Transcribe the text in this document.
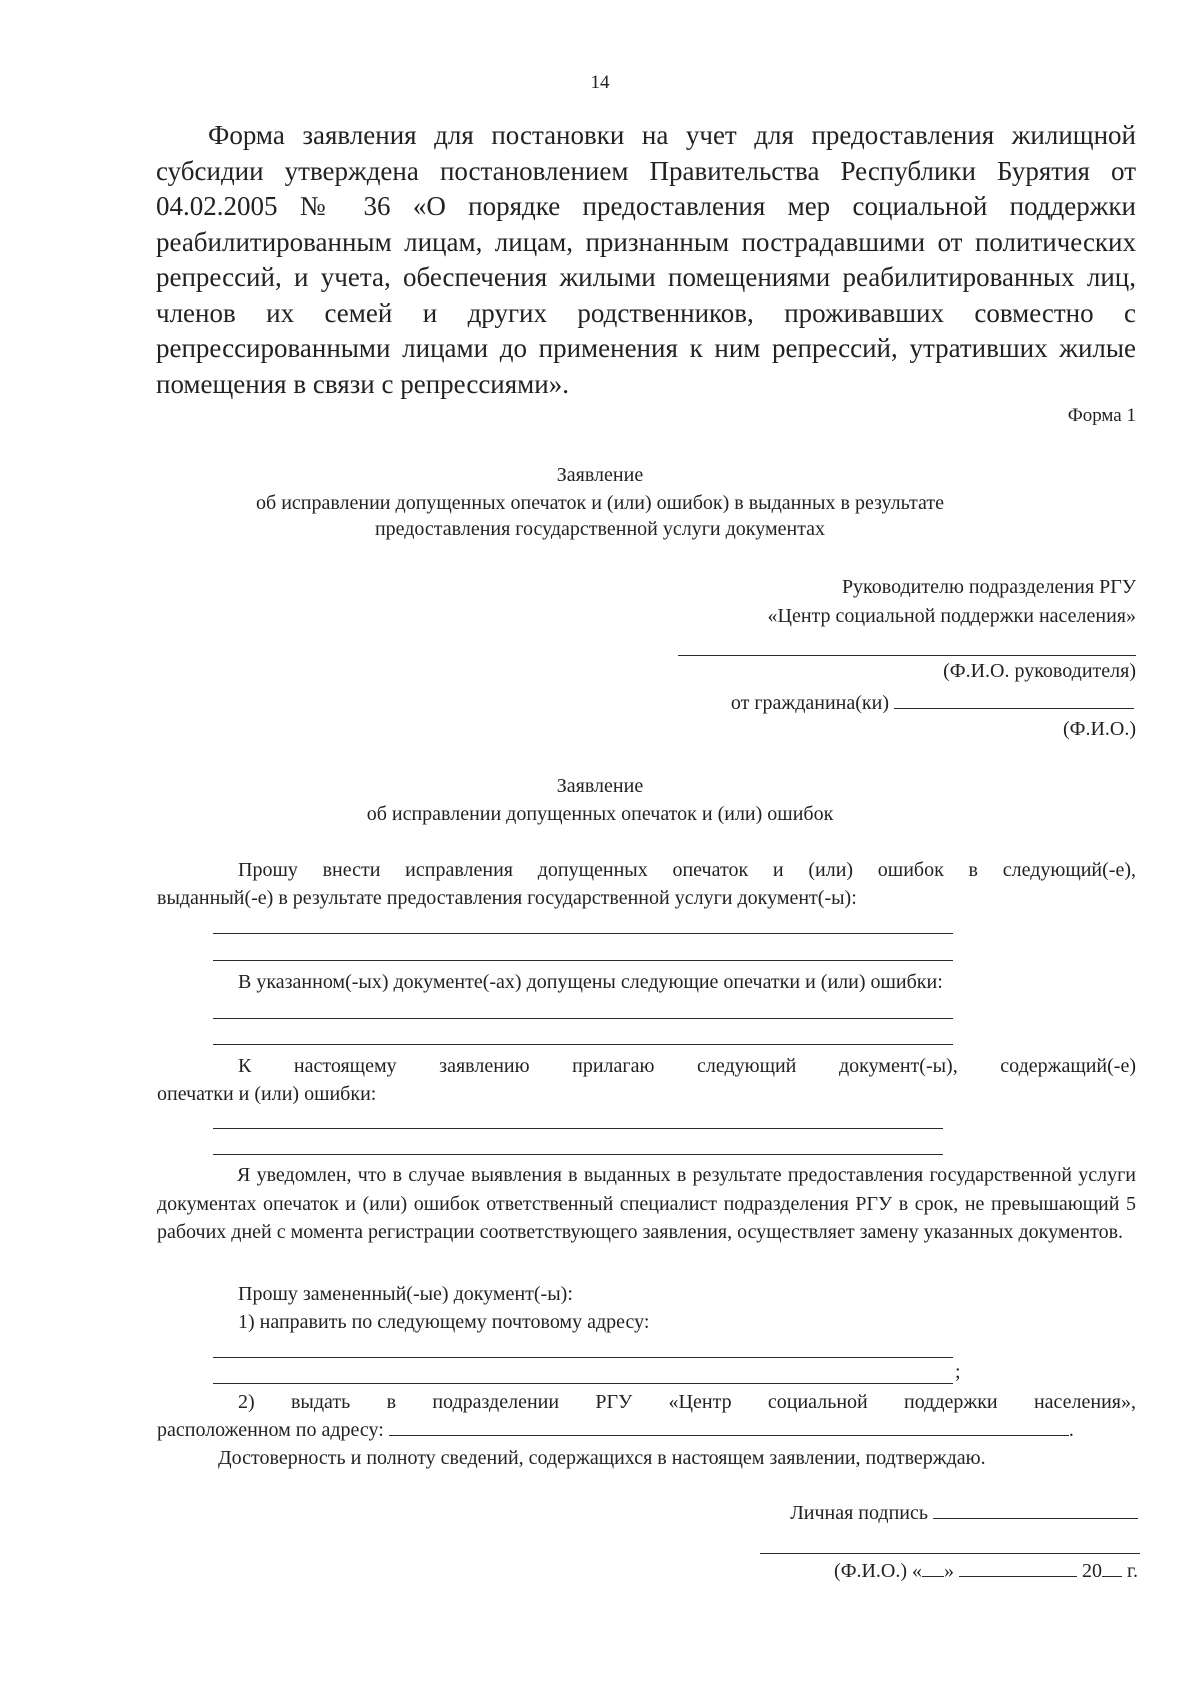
14

Форма заявления для постановки на учет для предоставления жилищной субсидии утверждена постановлением Правительства Республики Бурятия от 04.02.2005 № 36 «О порядке предоставления мер социальной поддержки реабилитированным лицам, лицам, признанным пострадавшими от политических репрессий, и учета, обеспечения жилыми помещениями реабилитированных лиц, членов их семей и других родственников, проживавших совместно с репрессированными лицами до применения к ним репрессий, утративших жилые помещения в связи с репрессиями».

Форма 1
Заявление
об исправлении допущенных опечаток и (или) ошибок) в выданных в результате
предоставления государственной услуги документах
Руководителю подразделения РГУ
«Центр социальной поддержки населения»
(Ф.И.О. руководителя)
от гражданина(ки)
(Ф.И.О.)
Заявление
об исправлении допущенных опечаток и (или) ошибок

Прошу внести исправления допущенных опечаток и (или) ошибок в следующий(-е),

выданный(-е) в результате предоставления государственной услуги документ(-ы):

В указанном(-ых) документе(-ах) допущены следующие опечатки и (или) ошибки:

К настоящему заявлению прилагаю следующий документ(-ы), содержащий(-е)

опечатки и (или) ошибки:

Я уведомлен, что в случае выявления в выданных в результате предоставления государственной услуги документах опечаток и (или) ошибок ответственный специалист подразделения РГУ в срок, не превышающий 5 рабочих дней с момента регистрации соответствующего заявления, осуществляет замену указанных документов.

Прошу замененный(-ые) документ(-ы):

1) направить по следующему почтовому адресу:

;

2) выдать в подразделении РГУ «Центр социальной поддержки населения»,

расположенном по адресу:	.

Достоверность и полноту сведений, содержащихся в настоящем заявлении, подтверждаю.

Личная подпись
(Ф.И.О.) « »	20 г.
